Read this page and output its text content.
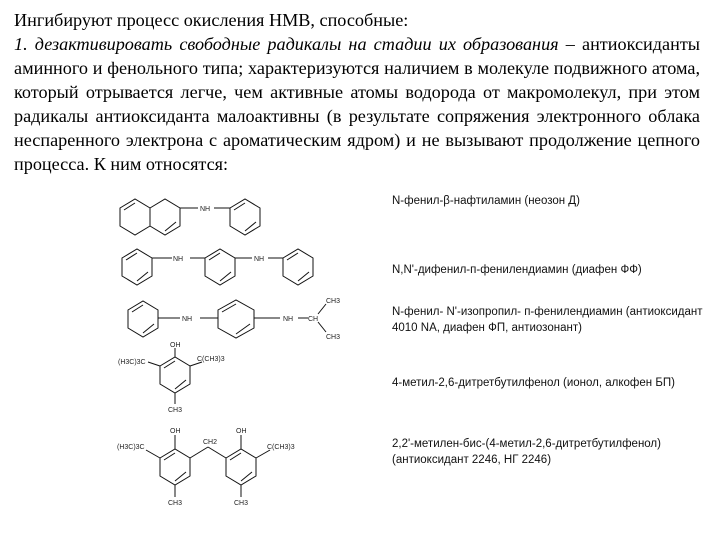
Ингибируют процесс окисления НМВ, способные:

1. дезактивировать свободные радикалы на стадии их образования – антиоксиданты аминного и фенольного типа; характеризуются наличием в молекуле подвижного атома, который отрывается легче, чем активные атомы водорода от макромолекул, при этом радикалы антиоксиданта малоактивны (в результате сопряжения электронного облака неспаренного электрона с ароматическим ядром) и не вызывают продолжение цепного процесса. К ним относятся:

N-фенил-β-нафтиламин (неозон Д)
N,N'-дифенил-п-фенилендиамин (диафен ФФ)
N-фенил- N'-изопропил- п-фенилендиамин (антиоксидант 4010 NA, диафен ФП, антиозонант)
4-метил-2,6-дитретбутилфенол (ионол, алкофен БП)
2,2'-метилен-бис-(4-метил-2,6-дитретбутилфенол) (антиоксидант 2246, НГ 2246)
NH
NH	NH
NH	NH CH
CH3
CH3
OH
(H3C)3C	C(CH3)3
CH3
OH	OH
(H3C)3C	C(CH3)3
CH2
CH3	CH3
